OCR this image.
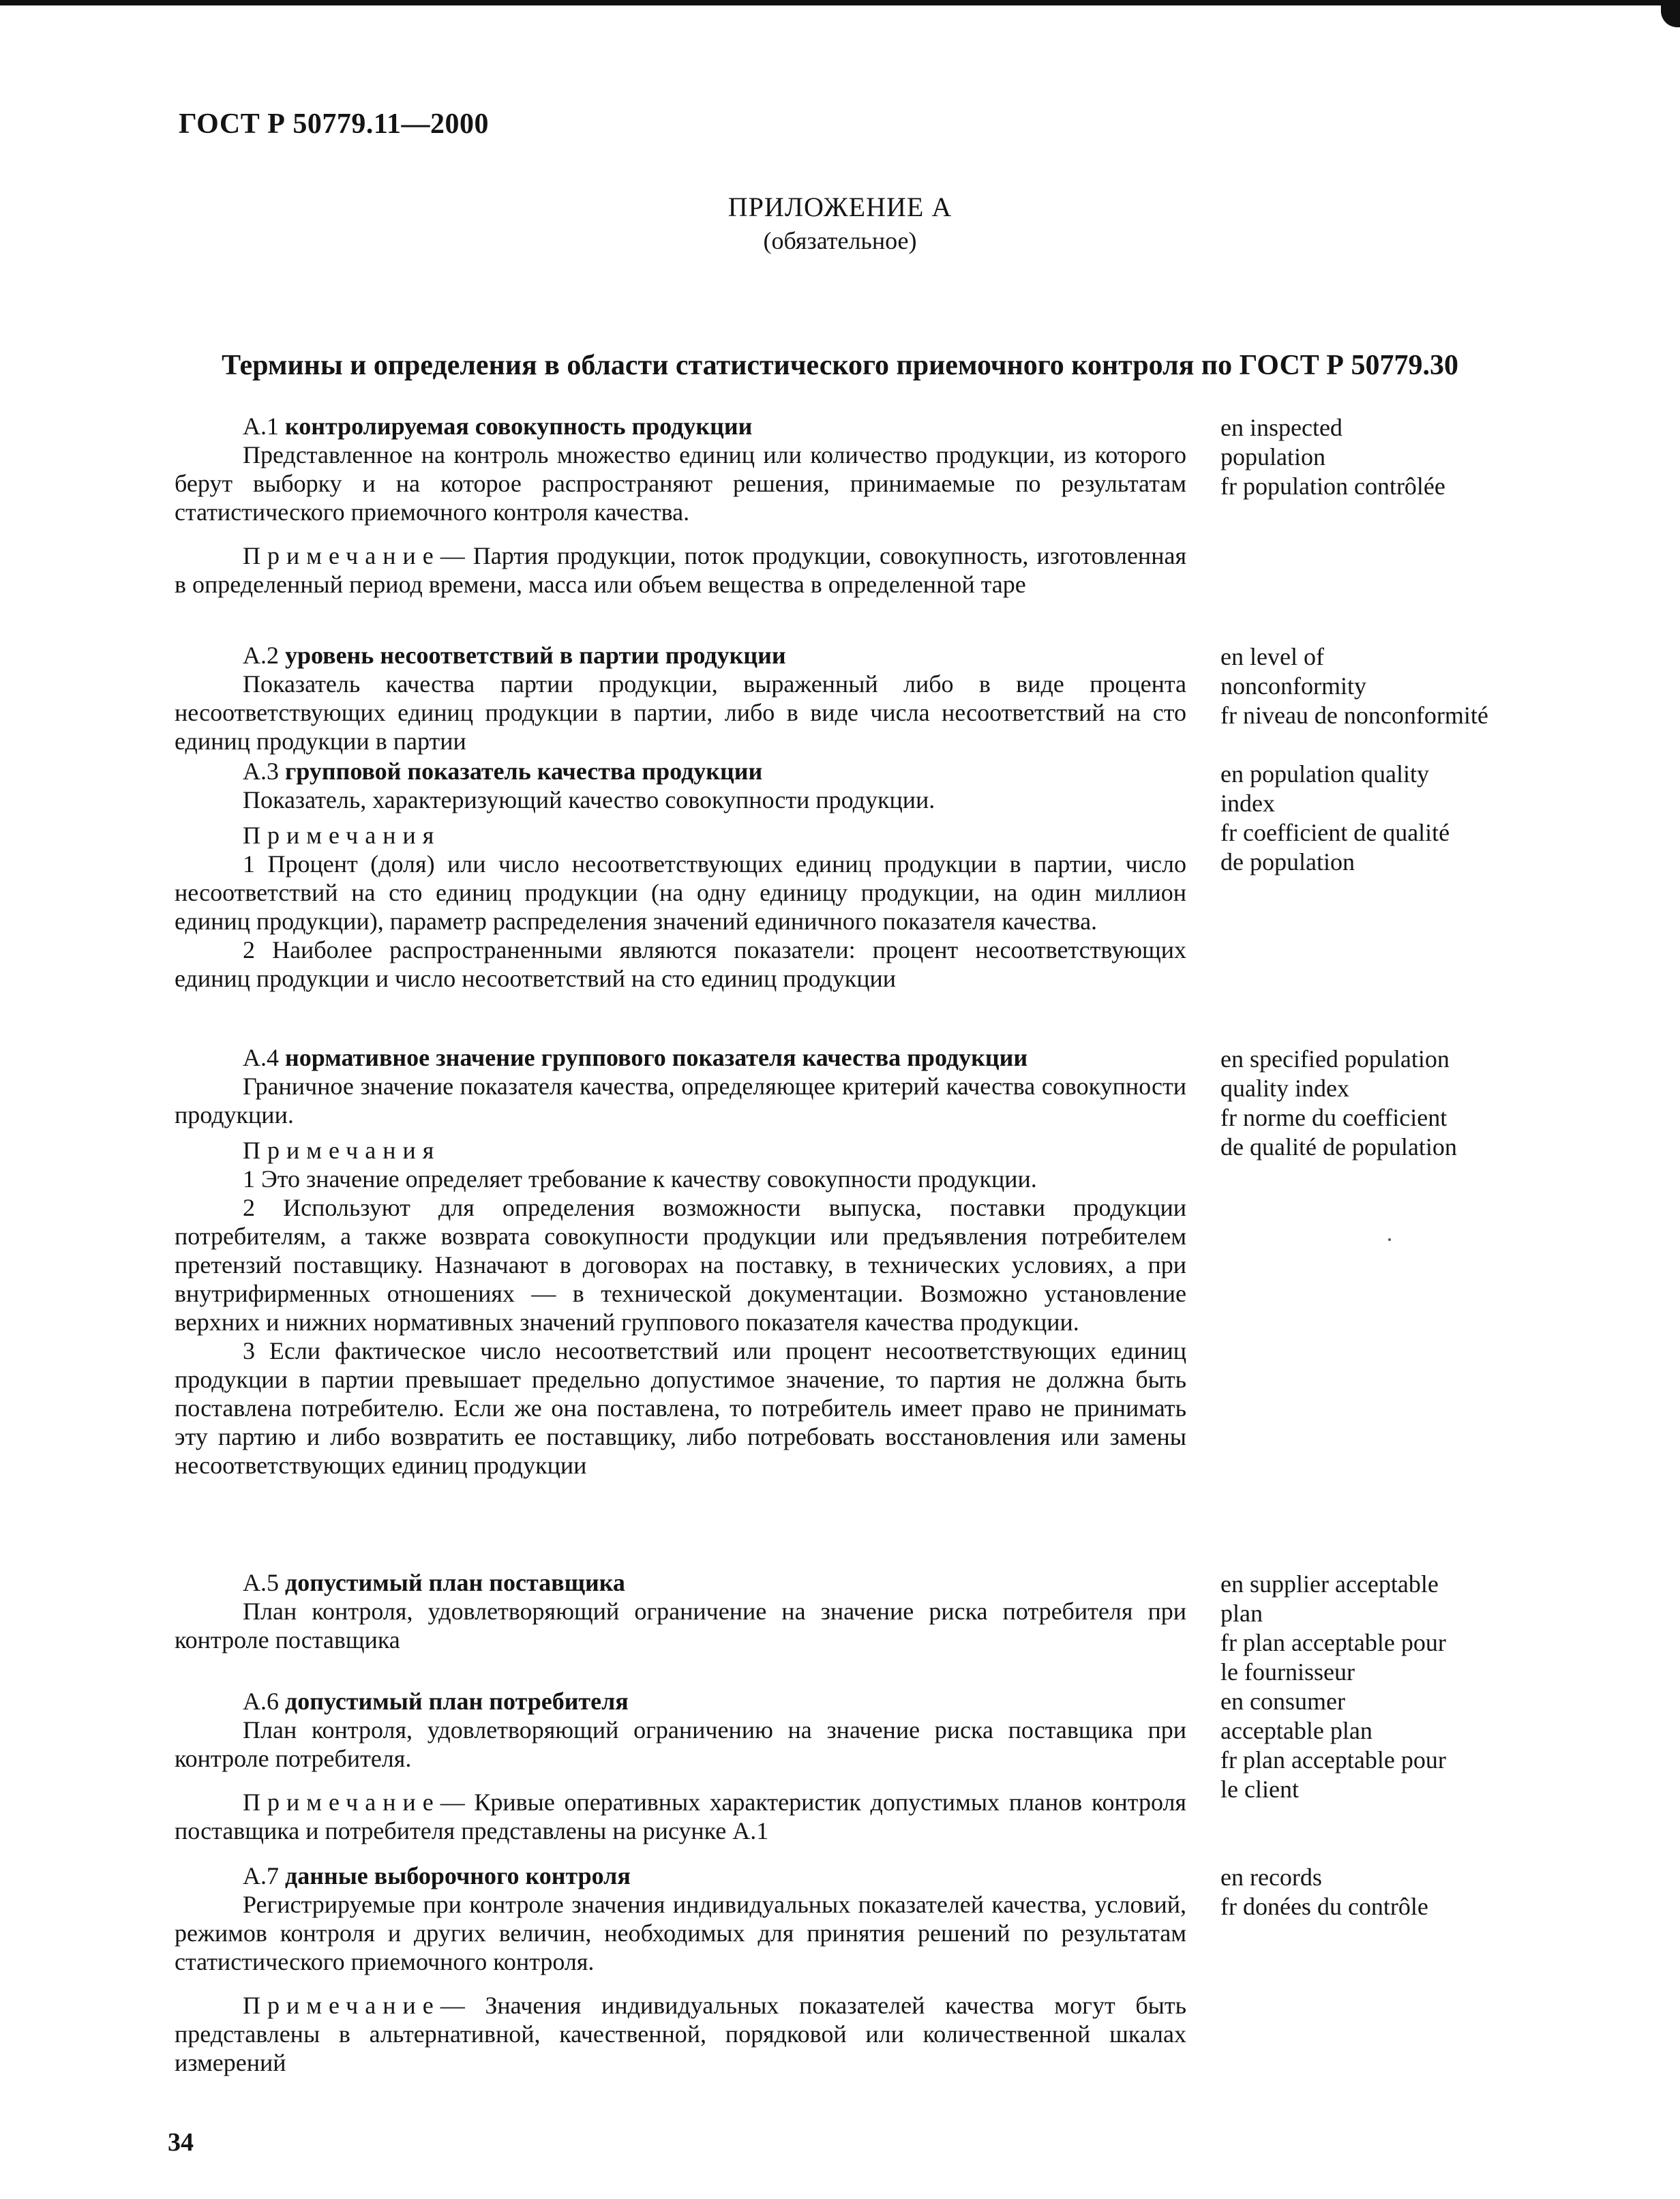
ГОСТ Р 50779.11—2000
ПРИЛОЖЕНИЕ А
(обязательное)
Термины и определения в области статистического приемочного контроля по ГОСТ Р 50779.30

А.1 контролируемая совокупность продукции

Представленное на контроль множество единиц или количество продукции, из которого берут выборку и на которое распространяют решения, принимаемые по результатам статистического приемочного контроля качества.

Примечание— Партия продукции, поток продукции, совокупность, изготовленная в определенный период времени, масса или объем вещества в определенной таре

en inspected

population

fr population contrôlée

А.2 уровень несоответствий в партии продукции

Показатель качества партии продукции, выраженный либо в виде процента несоответствующих единиц продукции в партии, либо в виде числа несоответствий на сто единиц продукции в партии

en level of

nonconformity

fr niveau de nonconformité

А.3 групповой показатель качества продукции

Показатель, характеризующий качество совокупности продукции.

Примечания

1 Процент (доля) или число несоответствующих единиц продукции в партии, число несоответствий на сто единиц продукции (на одну единицу продукции, на один миллион единиц продукции), параметр распределения значений единичного показателя качества.

2 Наиболее распространенными являются показатели: процент несоответствующих единиц продукции и число несоответствий на сто единиц продукции

en population quality

index

fr coefficient de qualité

de population

А.4 нормативное значение группового показателя качества продукции

Граничное значение показателя качества, определяющее критерий качества совокупности продукции.

Примечания

1 Это значение определяет требование к качеству совокупности продукции.

2 Используют для определения возможности выпуска, поставки продукции потребителям, а также возврата совокупности продукции или предъявления потребителем претензий поставщику. Назначают в договорах на поставку, в технических условиях, а при внутрифирменных отношениях — в технической документации. Возможно установление верхних и нижних нормативных значений группового показателя качества продукции.

3 Если фактическое число несоответствий или процент несоответствующих единиц продукции в партии превышает предельно допустимое значение, то партия не должна быть поставлена потребителю. Если же она поставлена, то потребитель имеет право не принимать эту партию и либо возвратить ее поставщику, либо потребовать восстановления или замены несоответствующих единиц продукции

en specified population

quality index

fr norme du coefficient

de qualité de population

А.5 допустимый план поставщика

План контроля, удовлетворяющий ограничение на значение риска потребителя при контроле поставщика

en supplier acceptable

plan

fr plan acceptable pour

le fournisseur

А.6 допустимый план потребителя

План контроля, удовлетворяющий ограничению на значение риска поставщика при контроле потребителя.

Примечание— Кривые оперативных характеристик допустимых планов контроля поставщика и потребителя представлены на рисунке А.1

en consumer

acceptable plan

fr plan acceptable pour

le client

А.7 данные выборочного контроля

Регистрируемые при контроле значения индивидуальных показателей качества, условий, режимов контроля и других величин, необходимых для принятия решений по результатам статистического приемочного контроля.

Примечание— Значения индивидуальных показателей качества могут быть представлены в альтернативной, качественной, порядковой или количественной шкалах измерений

en records

fr donées du contrôle

34
